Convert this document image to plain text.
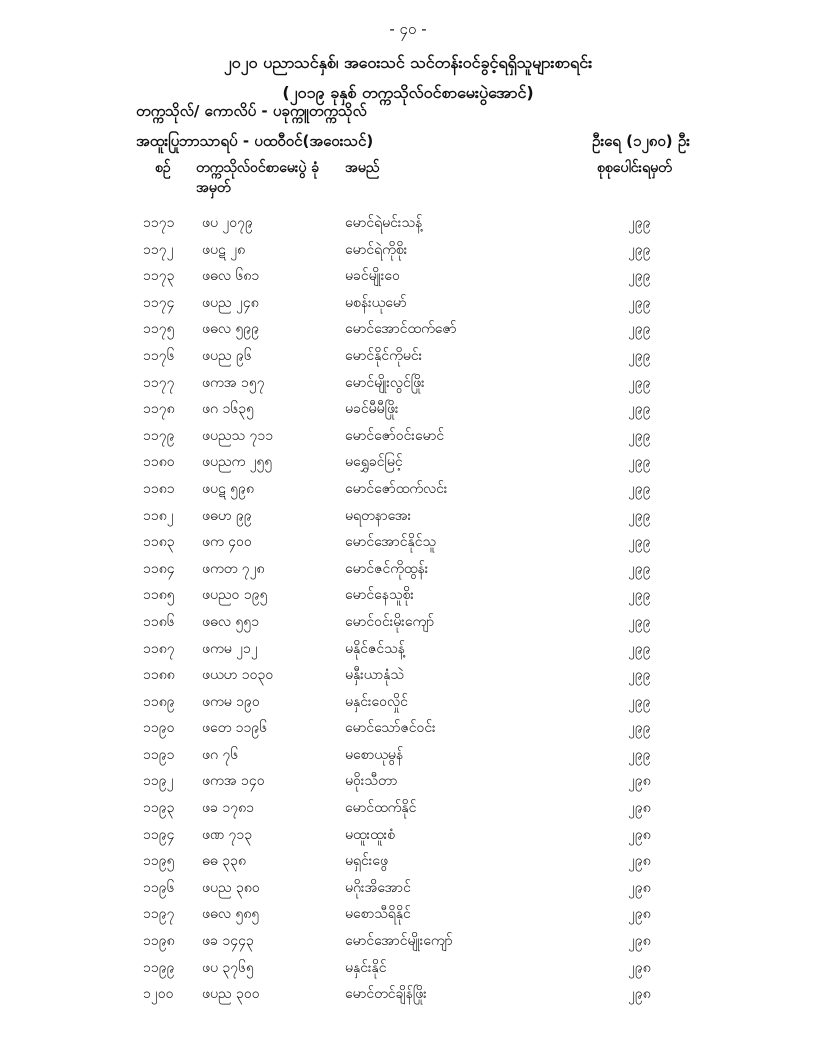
- ၄၀ -
၂၀၂၀ ပညာသင်နှစ်၊ အဝေးသင် သင်တန်းဝင်ခွင့်ရရှိသူများစာရင်း
(၂၀၁၉ ခုနှစ် တက္ကသိုလ်ဝင်စာမေးပွဲအောင်)
တက္ကသိုလ်/ ကောလိပ် - ပခုက္ကူတက္ကသိုလ်
အထူးပြုဘာသာရပ် - ပထဝီဝင်(အဝေးသင်)	ဦးရေ (၁၂၈၀) ဦး
စဉ် တက္ကသိုလ်ဝင်စာမေးပွဲ ခုံအမှတ်
အမည်	စုစုပေါင်းရမှတ်
၁၁၇၁ ဖပ ၂၀၇၉	မောင်ရဲမင်းသန့်	၂၉၉
၁၁၇၂ ဖပဋ ၂၈	မောင်ရဲကိုစိုး	၂၉၉
၁၁၇၃ ဖဓလ ၆၈၁	မခင်မျိုးဝေ	၂၉၉
၁၁၇၄ ဖပည ၂၄၈	မစန်းယုမော်	၂၉၉
၁၁၇၅ ဖဓလ ၅၉၉	မောင်အောင်ထက်ဇော်	၂၉၉
၁၁၇၆ ဖပည ၉၆	မောင်နိုင်ကိုမင်း	၂၉၉
၁၁၇၇ ဖကအ ၁၅၇	မောင်မျိုးလွင်ဖြိုး	၂၉၉
၁၁၇၈ ဖဂ ၁၆၃၅	မခင်မီမီဖြိုး	၂၉၉
၁၁၇၉ ဖပညသ ၇၁၁	မောင်ဇော်ဝင်းမောင်	၂၉၉
၁၁၈၀ ဖပညက ၂၅၅	မရွှေခင်မြင့်	၂၉၉
၁၁၈၁ ဖပဋ ၅၉၈	မောင်ဇော်ထက်လင်း	၂၉၉
၁၁၈၂ ဖဓဟ ၉၉	မရတနာအေး	၂၉၉
၁၁၈၃ ဖက ၄၀၀	မောင်အောင်နိုင်သူ	၂၉၉
၁၁၈၄ ဖကတ ၇၂၈	မောင်ဇင်ကိုထွန်း	၂၉၉
၁၁၈၅ ဖပညဝ ၁၉၅	မောင်နေသူစိုး	၂၉၉
၁၁၈၆ ဖဓလ ၅၅၁	မောင်ဝင်းမိုးကျော်	၂၉၉
၁၁၈၇ ဖကမ ၂၁၂	မနိုင်ဇင်သန့်	၂၉၉
၁၁၈၈ ဖယဟ ၁၀၃၀	မနှီးယာနုံသဲ	၂၉၉
၁၁၈၉ ဖကမ ၁၉၀	မနှင်းဝေလှိုင်	၂၉၉
၁၁၉၀ ဖတေ ၁၁၉၆	မောင်သော်ဇင်ဝင်း	၂၉၉
၁၁၉၁ ဖဂ ၇၆	မစောယုမွန်	၂၉၉
၁၁၉၂ ဖကအ ၁၄၀	မဝိုးသီတာ	၂၉၈
၁၁၉၃ ဖခ ၁၇၈၁	မောင်ထက်နိုင်	၂၉၈
၁၁၉၄ ဖဏ ၇၁၃	မထူးထူးစံ	၂၉၈
၁၁၉၅ ဓဓ ၃၃၈	မရှင်းဖွေ	၂၉၈
၁၁၉၆ ဖပည ၃၈၀	မဂိုးအိအောင်	၂၉၈
၁၁၉၇ ဖဓလ ၅၈၅	မစောသီရိနိုင်	၂၉၈
၁၁၉၈ ဖခ ၁၄၄၃	မောင်အောင်မျိုးကျော်	၂၉၈
၁၁၉၉ ဖပ ၃၇၆၅	မနှင်းနိုင်	၂၉၈
၁၂၀၀ ဖပည ၃၀၀	မောင်တင်ချိန်ဖြိုး	၂၉၈
